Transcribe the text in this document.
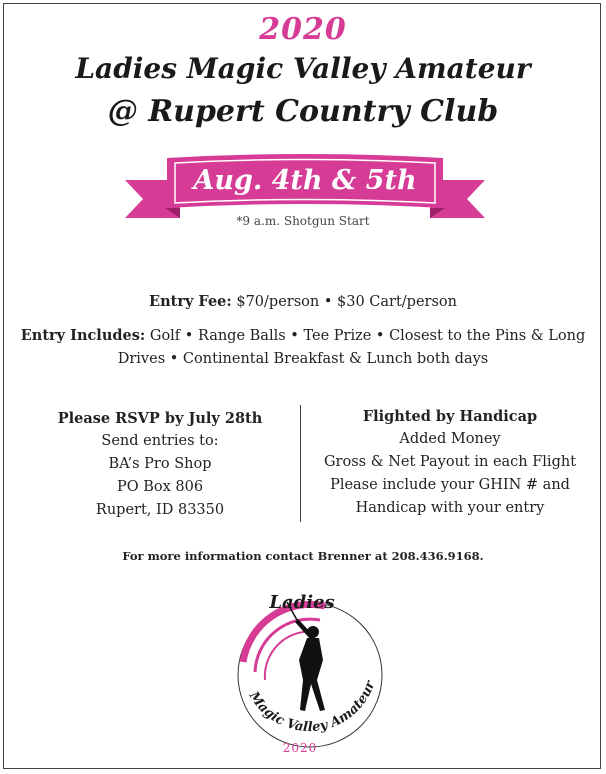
2020
Ladies Magic Valley Amateur
@ Rupert Country Club
Aug. 4th & 5th
*9 a.m. Shotgun Start
Entry Fee: $70/person • $30 Cart/person
Entry Includes: Golf • Range Balls • Tee Prize • Closest to the Pins & Long Drives • Continental Breakfast & Lunch both days
Please RSVP by July 28th
Send entries to:
BA’s Pro Shop
PO Box 806
Rupert, ID 83350
Flighted by Handicap
Added Money
Gross & Net Payout in each Flight
Please include your GHIN # and
Handicap with your entry
For more information contact Brenner at 208.436.9168.
Magic Valley Amateur
Ladies
2020
